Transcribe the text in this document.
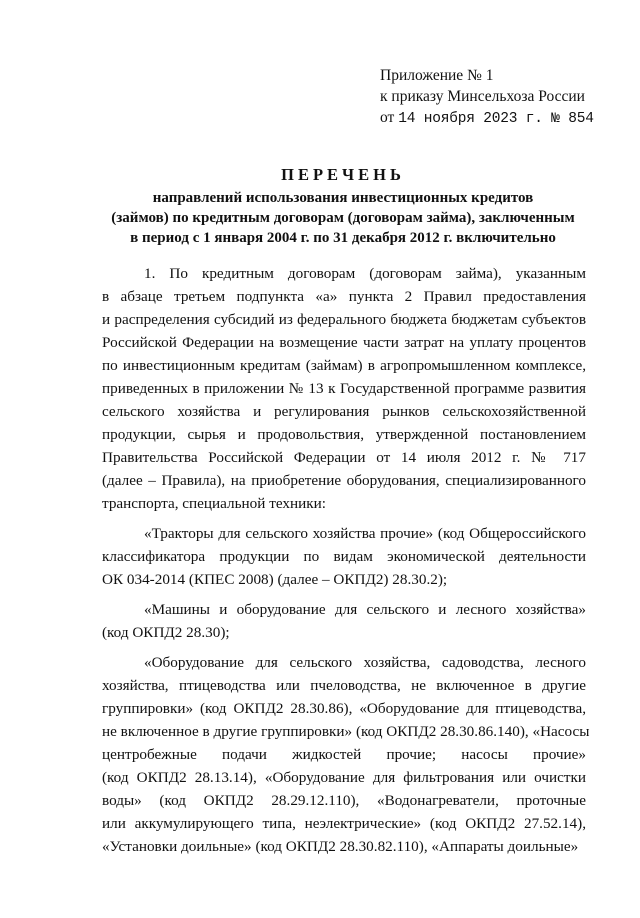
Приложение № 1
к приказу Минсельхоза России
от 14 ноября 2023 г. № 854
ПЕРЕЧЕНЬ
направлений использования инвестиционных кредитов
(займов) по кредитным договорам (договорам займа), заключенным
в период с 1 января 2004 г. по 31 декабря 2012 г. включительно
1. По кредитным договорам (договорам займа), указанным
в абзаце третьем подпункта «а» пункта 2 Правил предоставления
и распределения субсидий из федерального бюджета бюджетам субъектов
Российской Федерации на возмещение части затрат на уплату процентов
по инвестиционным кредитам (займам) в агропромышленном комплексе,
приведенных в приложении № 13 к Государственной программе развития
сельского хозяйства и регулирования рынков сельскохозяйственной
продукции, сырья и продовольствия, утвержденной постановлением
Правительства Российской Федерации от 14 июля 2012 г. № 717
(далее – Правила), на приобретение оборудования, специализированного
транспорта, специальной техники:
«Тракторы для сельского хозяйства прочие» (код Общероссийского
классификатора продукции по видам экономической деятельности
ОК 034-2014 (КПЕС 2008) (далее – ОКПД2) 28.30.2);
«Машины и оборудование для сельского и лесного хозяйства»
(код ОКПД2 28.30);
«Оборудование для сельского хозяйства, садоводства, лесного
хозяйства, птицеводства или пчеловодства, не включенное в другие
группировки» (код ОКПД2 28.30.86), «Оборудование для птицеводства,
не включенное в другие группировки» (код ОКПД2 28.30.86.140), «Насосы
центробежные подачи жидкостей прочие; насосы прочие»
(код ОКПД2 28.13.14), «Оборудование для фильтрования или очистки
воды» (код ОКПД2 28.29.12.110), «Водонагреватели, проточные
или аккумулирующего типа, неэлектрические» (код ОКПД2 27.52.14),
«Установки доильные» (код ОКПД2 28.30.82.110), «Аппараты доильные»
